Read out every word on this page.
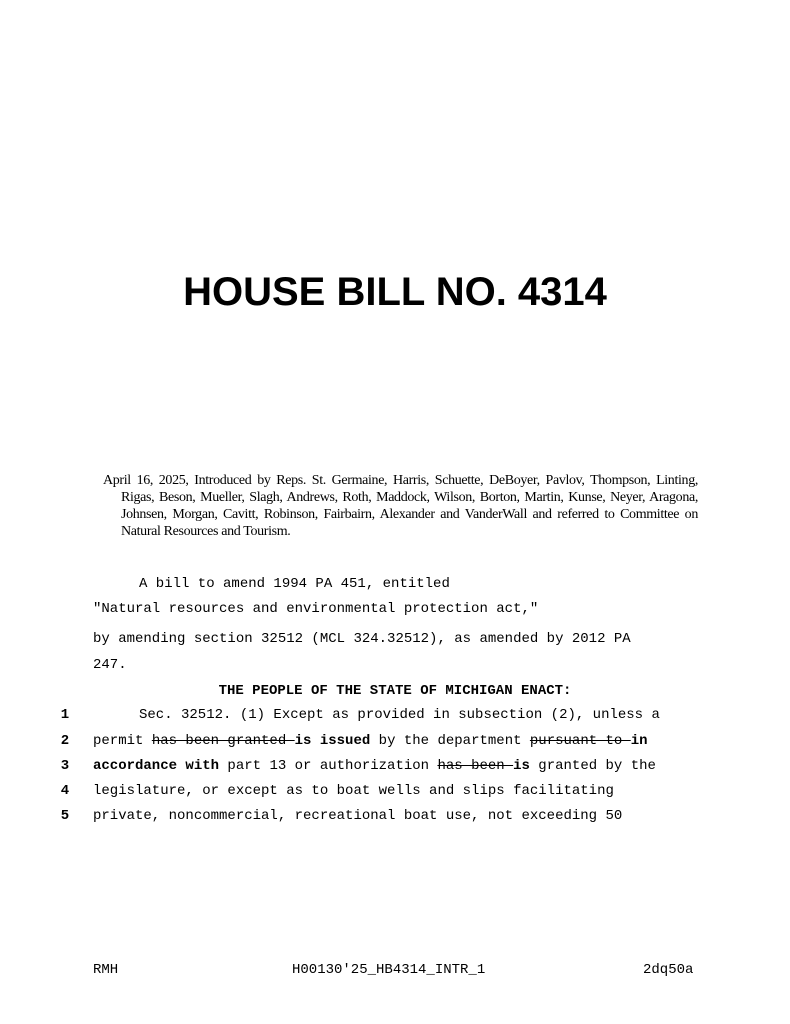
HOUSE BILL NO. 4314

April 16, 2025, Introduced by Reps. St. Germaine, Harris, Schuette, DeBoyer, Pavlov, Thompson, Linting, Rigas, Beson, Mueller, Slagh, Andrews, Roth, Maddock, Wilson, Borton, Martin, Kunse, Neyer, Aragona, Johnsen, Morgan, Cavitt, Robinson, Fairbairn, Alexander and VanderWall and referred to Committee on Natural Resources and Tourism.

A bill to amend 1994 PA 451, entitled

"Natural resources and environmental protection act,"

by amending section 32512 (MCL 324.32512), as amended by 2012 PA

247.

THE PEOPLE OF THE STATE OF MICHIGAN ENACT:

1
2
3
4
5

Sec. 32512. (1) Except as provided in subsection (2), unless a

permit has been granted is issued by the department pursuant to in

accordance with part 13 or authorization has been is granted by the

legislature, or except as to boat wells and slips facilitating

private, noncommercial, recreational boat use, not exceeding 50

RMH	H00130'25_HB4314_INTR_1	2dq50a
